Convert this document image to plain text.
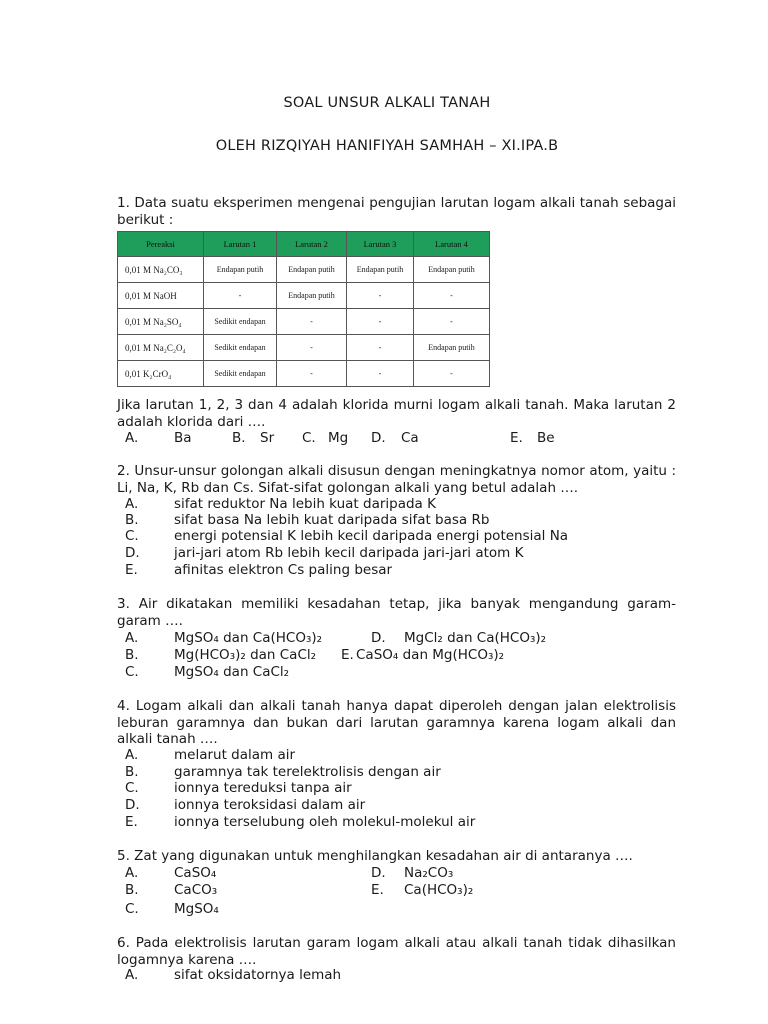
SOAL UNSUR ALKALI TANAH
OLEH RIZQIYAH HANIFIYAH SAMHAH – XI.IPA.B
1. Data suatu eksperimen mengenai pengujian larutan logam alkali tanah sebagai berikut :
Pereaksi	Larutan 1	Larutan 2	Larutan 3	Larutan 4
0,01 M Na₂CO₃	Endapan putih	Endapan putih	Endapan putih	Endapan putih
0,01 M NaOH	-	Endapan putih	-	-
0,01 M Na₂SO₄	Sedikit endapan	-	-	-
0,01 M Na₂C₂O₄	Sedikit endapan	-	-	Endapan putih
0,01 K₂CrO₄	Sedikit endapan	-	-	-
Jika larutan 1, 2, 3 dan 4 adalah klorida murni logam alkali tanah. Maka larutan 2 adalah klorida dari ….
A.	Ba	B. Sr C. Mg D. Ca	E. Be
2. Unsur-unsur golongan alkali disusun dengan meningkatnya nomor atom, yaitu : Li, Na, K, Rb dan Cs. Sifat-sifat golongan alkali yang betul adalah ….
A.	sifat reduktor Na lebih kuat daripada K
B.	sifat basa Na lebih kuat daripada sifat basa Rb
C.	energi potensial K lebih kecil daripada energi potensial Na
D.	jari-jari atom Rb lebih kecil daripada jari-jari atom K
E.	afinitas elektron Cs paling besar
3. Air dikatakan memiliki kesadahan tetap, jika banyak mengandung garam-garam ….
A.	MgSO₄ dan Ca(HCO₃)₂	D. MgCl₂ dan Ca(HCO₃)₂
B.	Mg(HCO₃)₂ dan CaCl₂ E. CaSO₄ dan Mg(HCO₃)₂
C.	MgSO₄ dan CaCl₂
4. Logam alkali dan alkali tanah hanya dapat diperoleh dengan jalan elektrolisis leburan garamnya dan bukan dari larutan garamnya karena logam alkali dan alkali tanah ….
A.	melarut dalam air
B.	garamnya tak terelektrolisis dengan air
C.	ionnya tereduksi tanpa air
D.	ionnya teroksidasi dalam air
E.	ionnya terselubung oleh molekul-molekul air
5. Zat yang digunakan untuk menghilangkan kesadahan air di antaranya ….
A.	CaSO₄	D. Na₂CO₃
B.	CaCO₃	E. Ca(HCO₃)₂
C.	MgSO₄
6. Pada elektrolisis larutan garam logam alkali atau alkali tanah tidak dihasilkan logamnya karena ….
A.	sifat oksidatornya lemah
